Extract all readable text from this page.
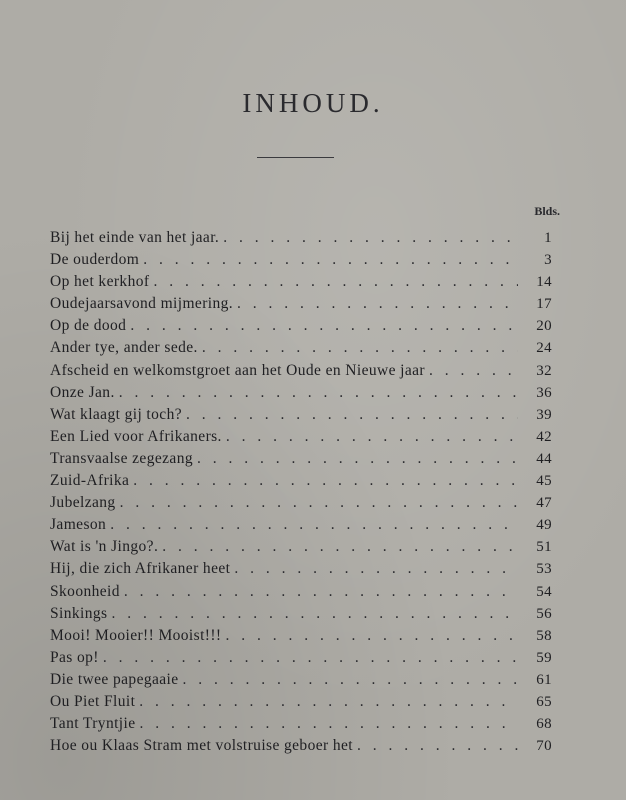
INHOUD.
Blds.
Bij het einde van het jaar. . . .	1
De ouderdom . . .	3
Op het kerkhof . . .	14
Oudejaarsavond mijmering. . . .	17
Op de dood . . .	20
Ander tye, ander sede. . . .	24
Afscheid en welkomstgroet aan het Oude en Nieuwe jaar . . .	32
Onze Jan. . . .	36
Wat klaagt gij toch? . . .	39
Een Lied voor Afrikaners. . . .	42
Transvaalse zegezang . . .	44
Zuid-Afrika . . .	45
Jubelzang . . .	47
Jameson . . .	49
Wat is 'n Jingo?. . . .	51
Hij, die zich Afrikaner heet . . .	53
Skoonheid . . .	54
Sinkings . . .	56
Mooi! Mooier!! Mooist!!! . . .	58
Pas op! . . .	59
Die twee papegaaie . . .	61
Ou Piet Fluit . . .	65
Tant Tryntjie . . .	68
Hoe ou Klaas Stram met volstruise geboer het . . .	70
